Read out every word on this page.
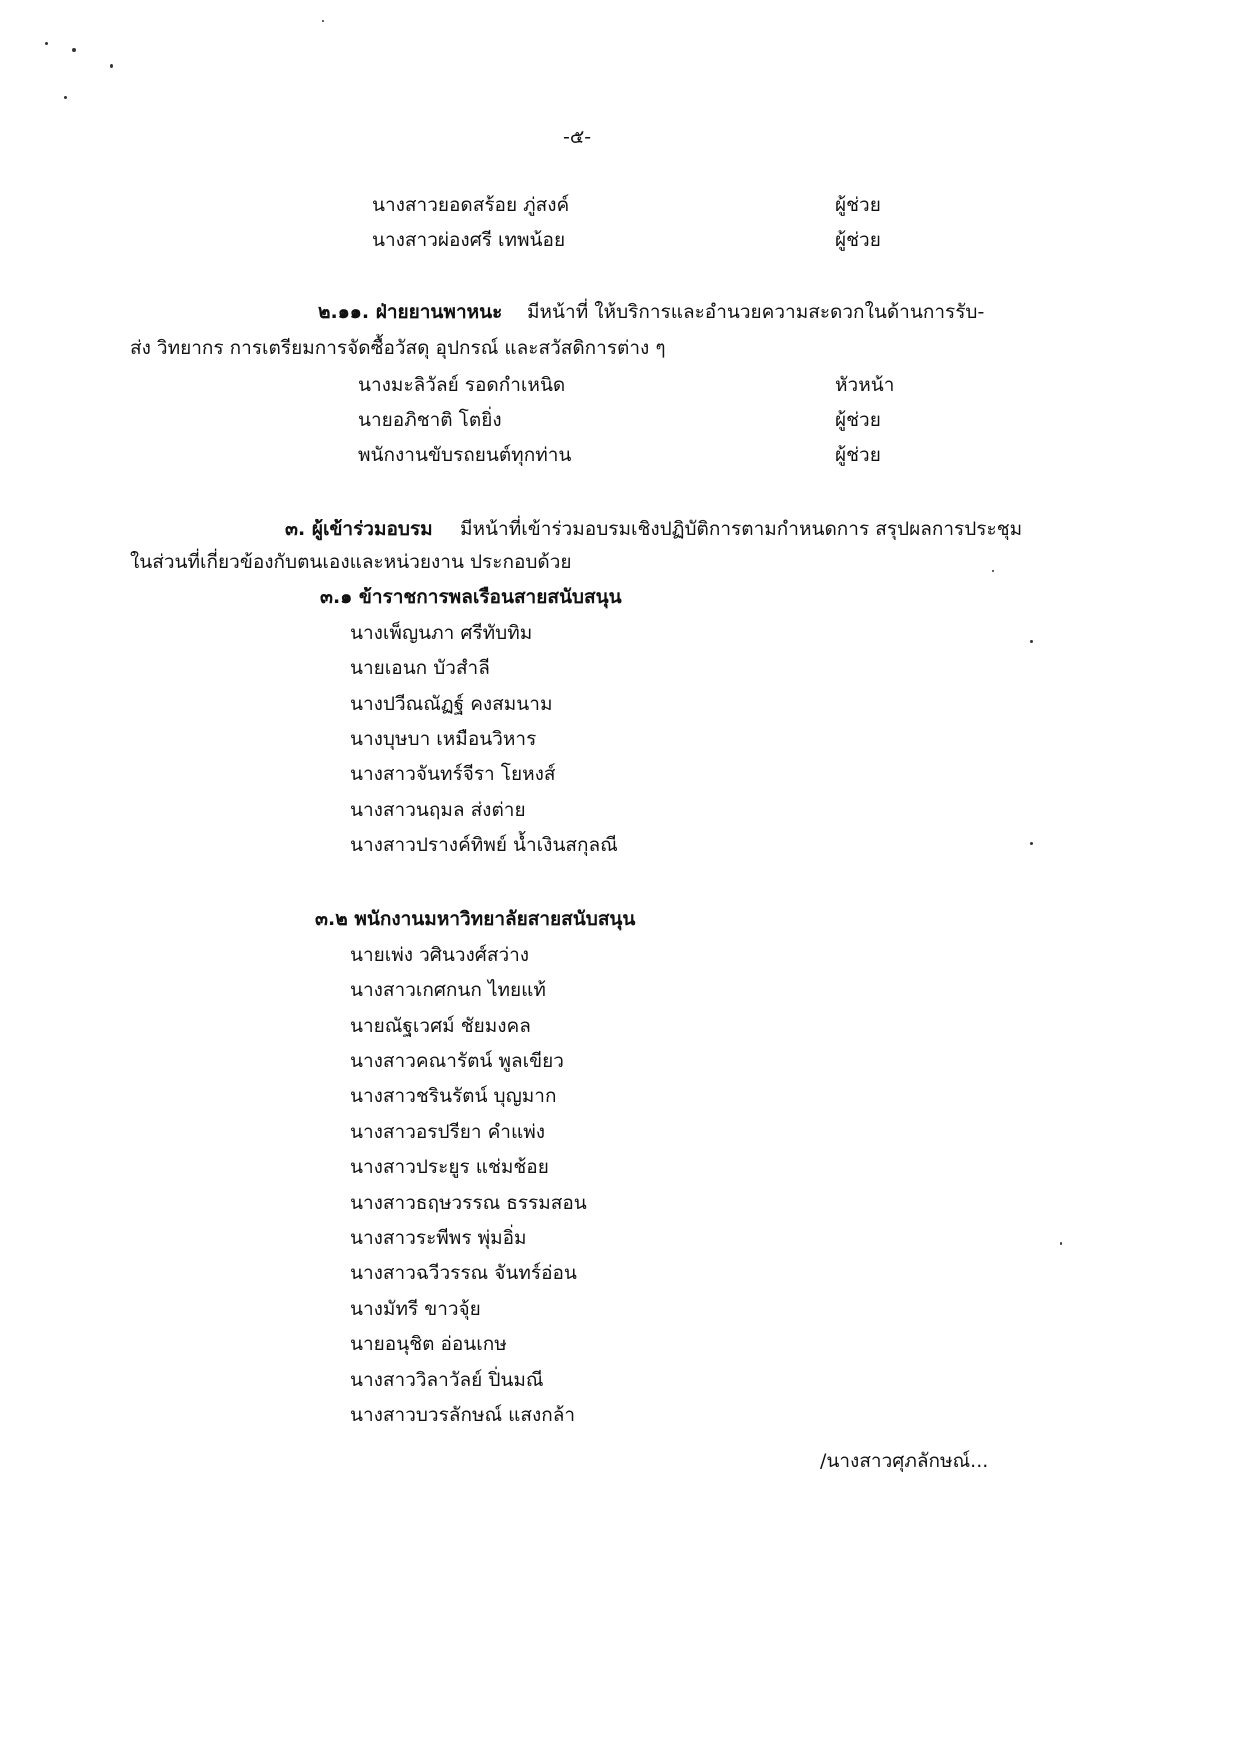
-๕-
นางสาวยอดสร้อย ภู่สงค์	ผู้ช่วย
นางสาวผ่องศรี เทพน้อย	ผู้ช่วย
๒.๑๑. ฝ่ายยานพาหนะ มีหน้าที่ ให้บริการและอำนวยความสะดวกในด้านการรับ-
ส่ง วิทยากร การเตรียมการจัดซื้อวัสดุ อุปกรณ์ และสวัสดิการต่าง ๆ
นางมะลิวัลย์ รอดกำเหนิด	หัวหน้า
นายอภิชาติ โตยิ่ง	ผู้ช่วย
พนักงานขับรถยนต์ทุกท่าน	ผู้ช่วย
๓. ผู้เข้าร่วมอบรม มีหน้าที่เข้าร่วมอบรมเชิงปฏิบัติการตามกำหนดการ สรุปผลการประชุม
ในส่วนที่เกี่ยวข้องกับตนเองและหน่วยงาน ประกอบด้วย
๓.๑ ข้าราชการพลเรือนสายสนับสนุน
นางเพ็ญนภา ศรีทับทิม
นายเอนก บัวสำลี
นางปวีณณัฏฐ์ คงสมนาม
นางบุษบา เหมือนวิหาร
นางสาวจันทร์จีรา โยหงส์
นางสาวนฤมล ส่งต่าย
นางสาวปรางค์ทิพย์ น้ำเงินสกุลณี
๓.๒ พนักงานมหาวิทยาลัยสายสนับสนุน
นายเพ่ง วศินวงศ์สว่าง
นางสาวเกศกนก ไทยแท้
นายณัฐเวศม์ ชัยมงคล
นางสาวคณารัตน์ พูลเขียว
นางสาวชรินรัตน์ บุญมาก
นางสาวอรปรียา คำแพ่ง
นางสาวประยูร แช่มช้อย
นางสาวธฤษวรรณ ธรรมสอน
นางสาวระพีพร พุ่มอิ่ม
นางสาวฉวีวรรณ จันทร์อ่อน
นางมัทรี ขาวจุ้ย
นายอนุชิต อ่อนเกษ
นางสาววิลาวัลย์ ปิ่นมณี
นางสาวบวรลักษณ์ แสงกล้า
/นางสาวศุภลักษณ์...
